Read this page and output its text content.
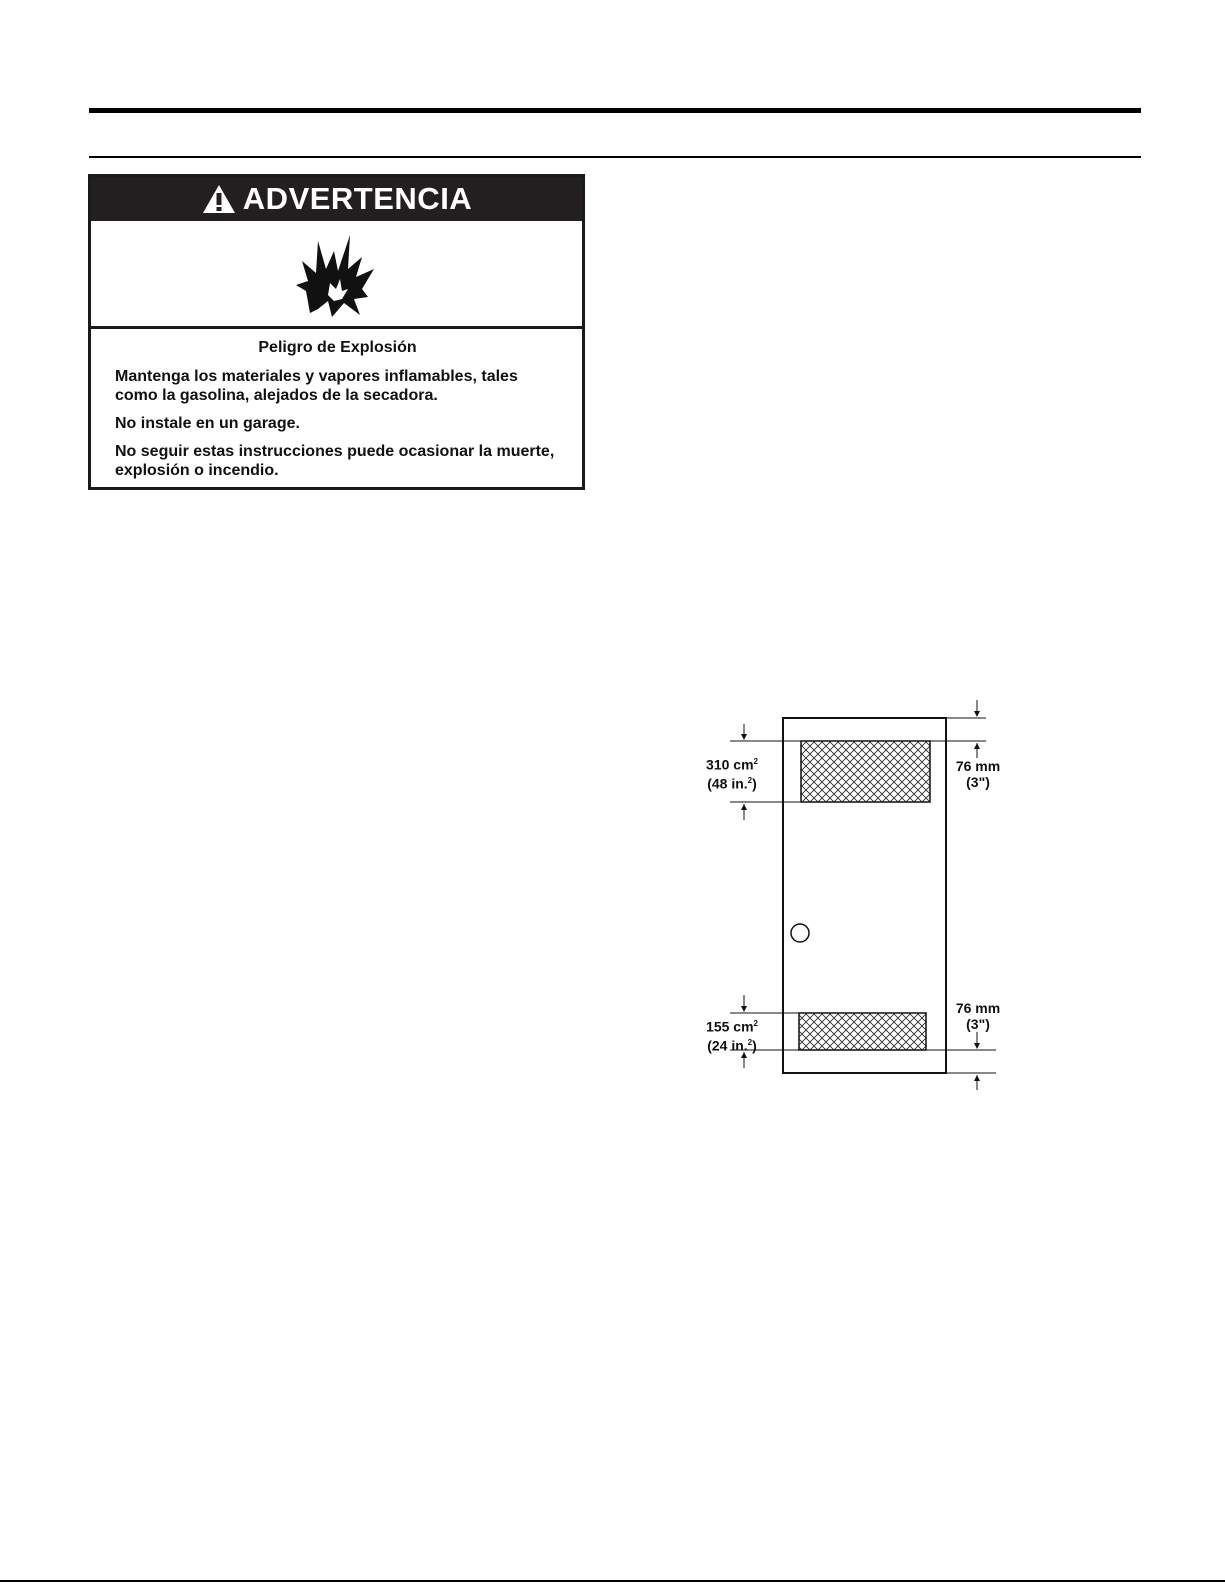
ADVERTENCIA
Peligro de Explosión

Mantenga los materiales y vapores inflamables, tales como la gasolina, alejados de la secadora.

No instale en un garage.

No seguir estas instrucciones puede ocasionar la muerte, explosión o incendio.

310 $cm^2$
(48 in.$^2$)
155 $cm^2$
(24 in.$^2$)
76 mm
(3")
76 mm
(3")
